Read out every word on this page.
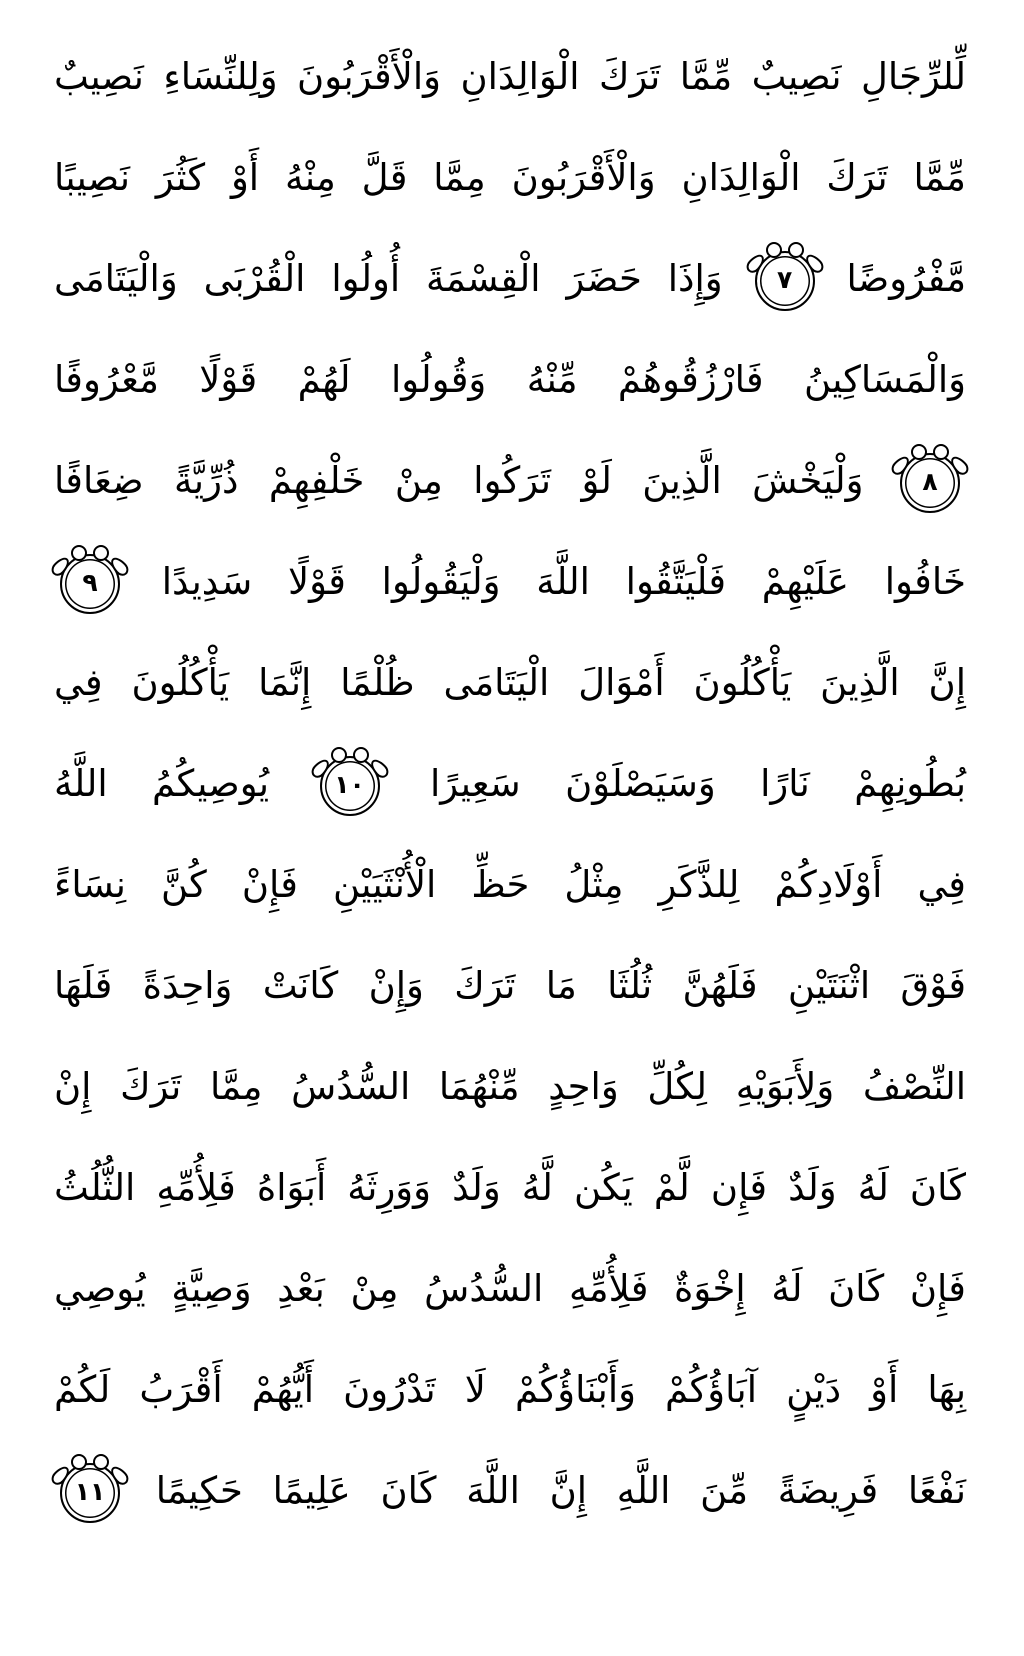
لِّلرِّجَالِ نَصِيبٌ مِّمَّا تَرَكَ الْوَالِدَانِ وَالْأَقْرَبُونَ وَلِلنِّسَاءِ نَصِيبٌ
مِّمَّا تَرَكَ الْوَالِدَانِ وَالْأَقْرَبُونَ مِمَّا قَلَّ مِنْهُ أَوْ كَثُرَ نَصِيبًا
مَّفْرُوضًا
٧
وَإِذَا حَضَرَ الْقِسْمَةَ أُولُوا الْقُرْبَى وَالْيَتَامَى
وَالْمَسَاكِينُ فَارْزُقُوهُمْ مِّنْهُ وَقُولُوا لَهُمْ قَوْلًا مَّعْرُوفًا
٨
وَلْيَخْشَ الَّذِينَ لَوْ تَرَكُوا مِنْ خَلْفِهِمْ ذُرِّيَّةً ضِعَافًا
خَافُوا عَلَيْهِمْ فَلْيَتَّقُوا اللَّهَ وَلْيَقُولُوا قَوْلًا سَدِيدًا
٩
إِنَّ الَّذِينَ يَأْكُلُونَ أَمْوَالَ الْيَتَامَى ظُلْمًا إِنَّمَا يَأْكُلُونَ فِي
بُطُونِهِمْ نَارًا وَسَيَصْلَوْنَ سَعِيرًا
١٠
يُوصِيكُمُ اللَّهُ
فِي أَوْلَادِكُمْ لِلذَّكَرِ مِثْلُ حَظِّ الْأُنْثَيَيْنِ فَإِنْ كُنَّ نِسَاءً
فَوْقَ اثْنَتَيْنِ فَلَهُنَّ ثُلُثَا مَا تَرَكَ وَإِنْ كَانَتْ وَاحِدَةً فَلَهَا
النِّصْفُ وَلِأَبَوَيْهِ لِكُلِّ وَاحِدٍ مِّنْهُمَا السُّدُسُ مِمَّا تَرَكَ إِنْ
كَانَ لَهُ وَلَدٌ فَإِن لَّمْ يَكُن لَّهُ وَلَدٌ وَوَرِثَهُ أَبَوَاهُ فَلِأُمِّهِ الثُّلُثُ
فَإِنْ كَانَ لَهُ إِخْوَةٌ فَلِأُمِّهِ السُّدُسُ مِنْ بَعْدِ وَصِيَّةٍ يُوصِي
بِهَا أَوْ دَيْنٍ آبَاؤُكُمْ وَأَبْنَاؤُكُمْ لَا تَدْرُونَ أَيُّهُمْ أَقْرَبُ لَكُمْ
نَفْعًا فَرِيضَةً مِّنَ اللَّهِ إِنَّ اللَّهَ كَانَ عَلِيمًا حَكِيمًا
١١
